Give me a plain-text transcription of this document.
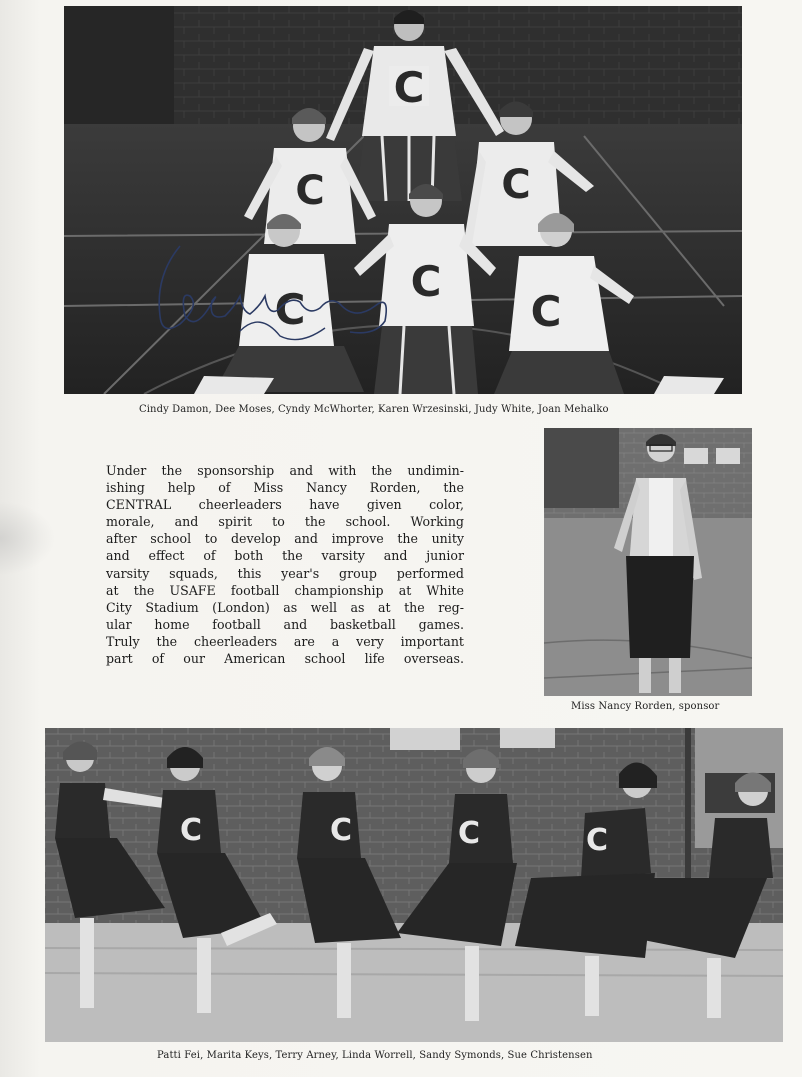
C
C	C
C
C
C
Cindy Damon, Dee Moses, Cyndy McWhorter, Karen Wrzesinski, Judy White, Joan Mehalko
Under the sponsorship and with the undimin-
ishing help of Miss Nancy Rorden, the
CENTRAL cheerleaders have given color,
morale, and spirit to the school. Working
after school to develop and improve the unity
and effect of both the varsity and junior
varsity squads, this year's group performed
at the USAFE football championship at White
City Stadium (London) as well as at the reg-
ular home football and basketball games.
Truly the cheerleaders are a very important
part of our American school life overseas.
Miss Nancy Rorden, sponsor
C	C	C	C
Patti Fei, Marita Keys, Terry Arney, Linda Worrell, Sandy Symonds, Sue Christensen
